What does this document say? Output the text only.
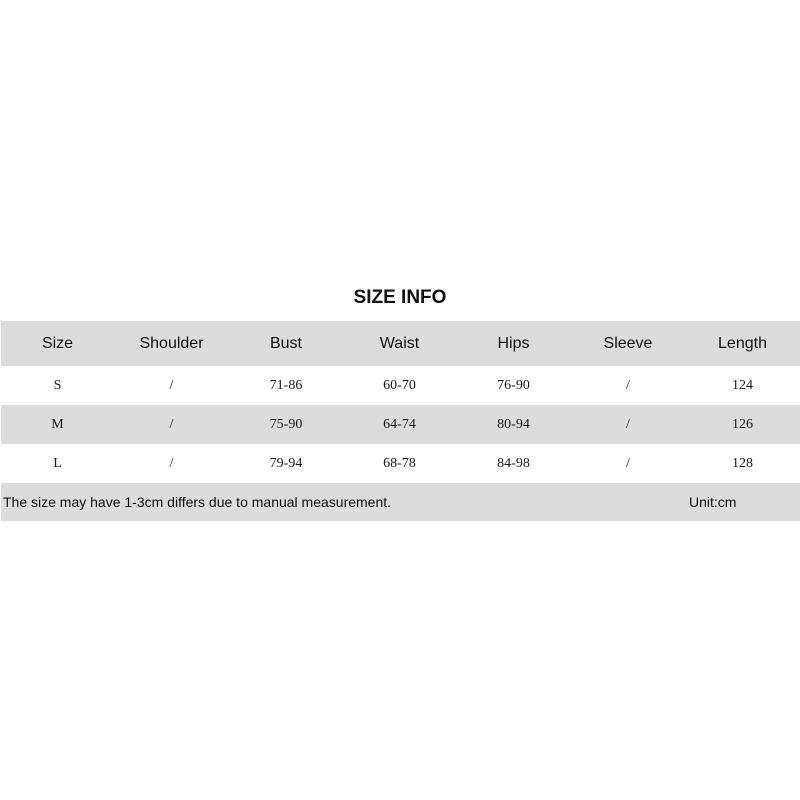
SIZE INFO
Size	Shoulder	Bust	Waist	Hips	Sleeve	Length
S	/	71-86	60-70	76-90	/	124
M	/	75-90	64-74	80-94	/	126
L	/	79-94	68-78	84-98	/	128
The size may have 1-3cm differs due to manual measurement.						Unit:cm
